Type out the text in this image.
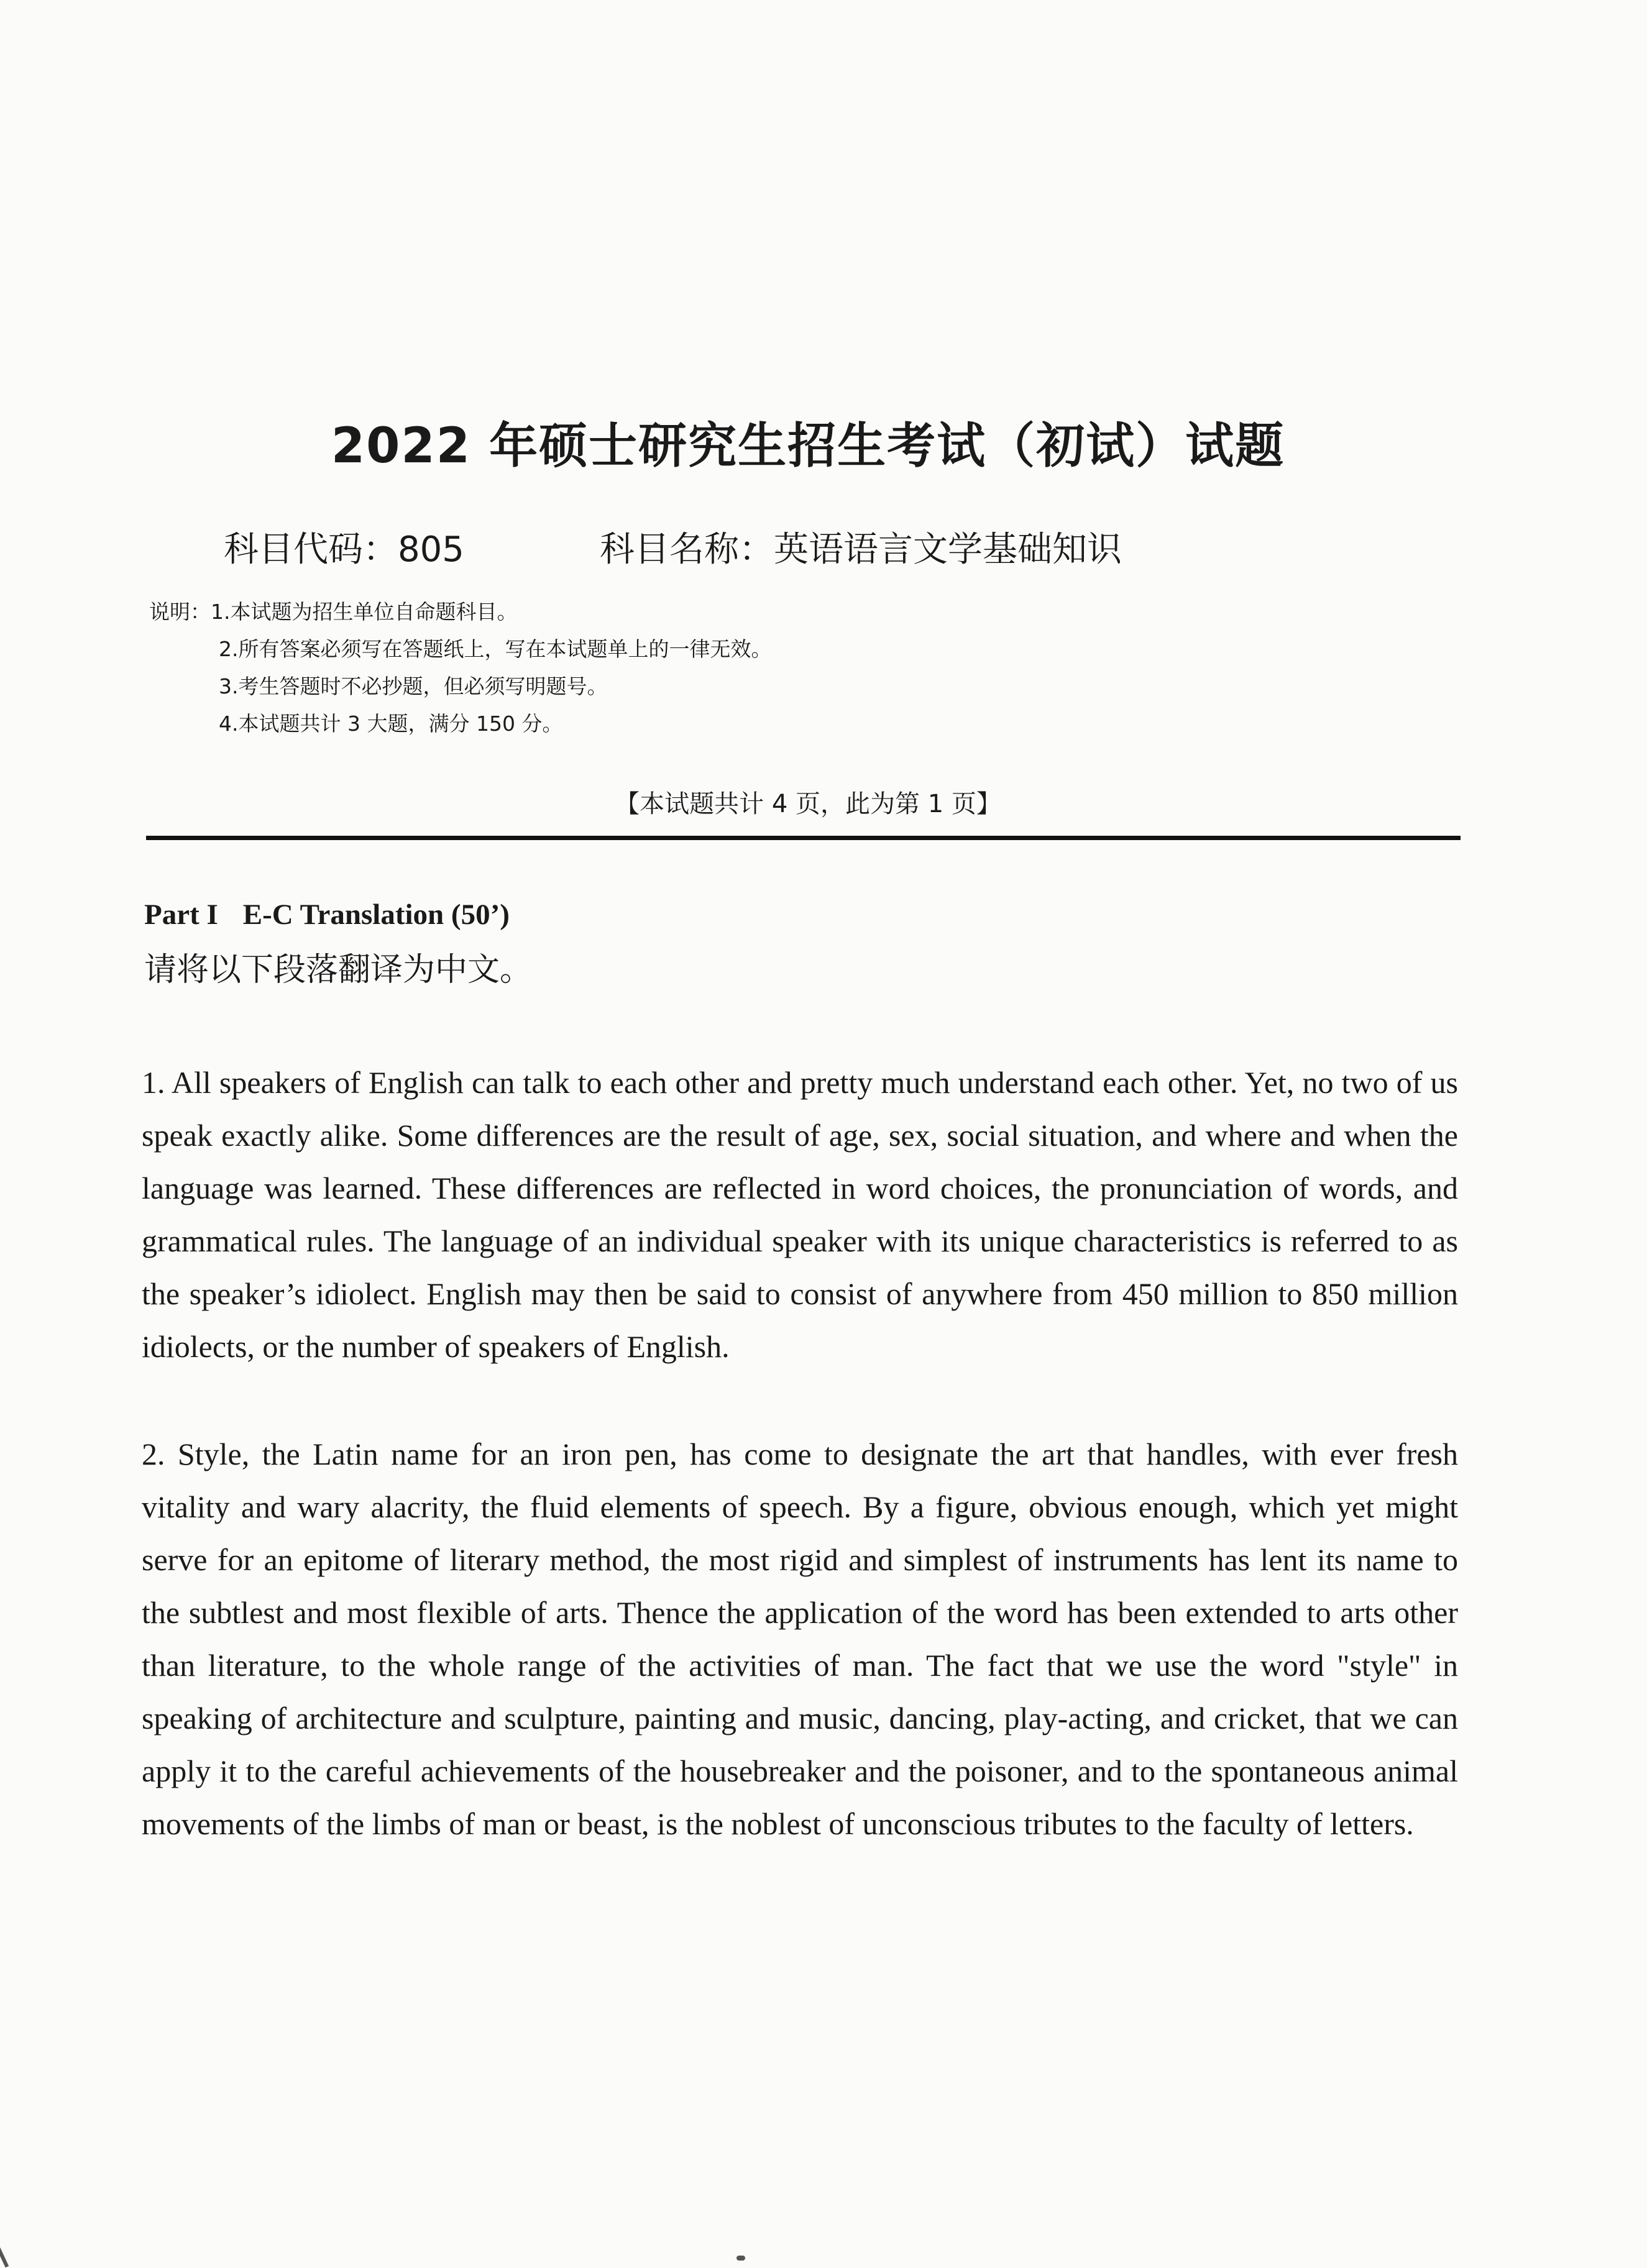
2022 年硕士研究生招生考试（初试）试题
科目代码：805	科目名称：英语语言文学基础知识
说明：1.本试题为招生单位自命题科目。
2.所有答案必须写在答题纸上，写在本试题单上的一律无效。
3.考生答题时不必抄题，但必须写明题号。
4.本试题共计 3 大题，满分 150 分。
【本试题共计 4 页，此为第 1 页】
Part I E-C Translation (50’)
请将以下段落翻译为中文。
1. All speakers of English can talk to each other and pretty much understand each other. Yet, no two of us speak exactly alike. Some differences are the result of age, sex, social situation, and where and when the language was learned. These differences are reflected in word choices, the pronunciation of words, and grammatical rules. The language of an individual speaker with its unique characteristics is referred to as the speaker’s idiolect. English may then be said to consist of anywhere from 450 million to 850 million idiolects, or the number of speakers of English.
2. Style, the Latin name for an iron pen, has come to designate the art that handles, with ever fresh vitality and wary alacrity, the fluid elements of speech. By a figure, obvious enough, which yet might serve for an epitome of literary method, the most rigid and simplest of instruments has lent its name to the subtlest and most flexible of arts. Thence the application of the word has been extended to arts other than literature, to the whole range of the activities of man. The fact that we use the word "style" in speaking of architecture and sculpture, painting and music, dancing, play-acting, and cricket, that we can apply it to the careful achievements of the housebreaker and the poisoner, and to the spontaneous animal movements of the limbs of man or beast, is the noblest of unconscious tributes to the faculty of letters.
